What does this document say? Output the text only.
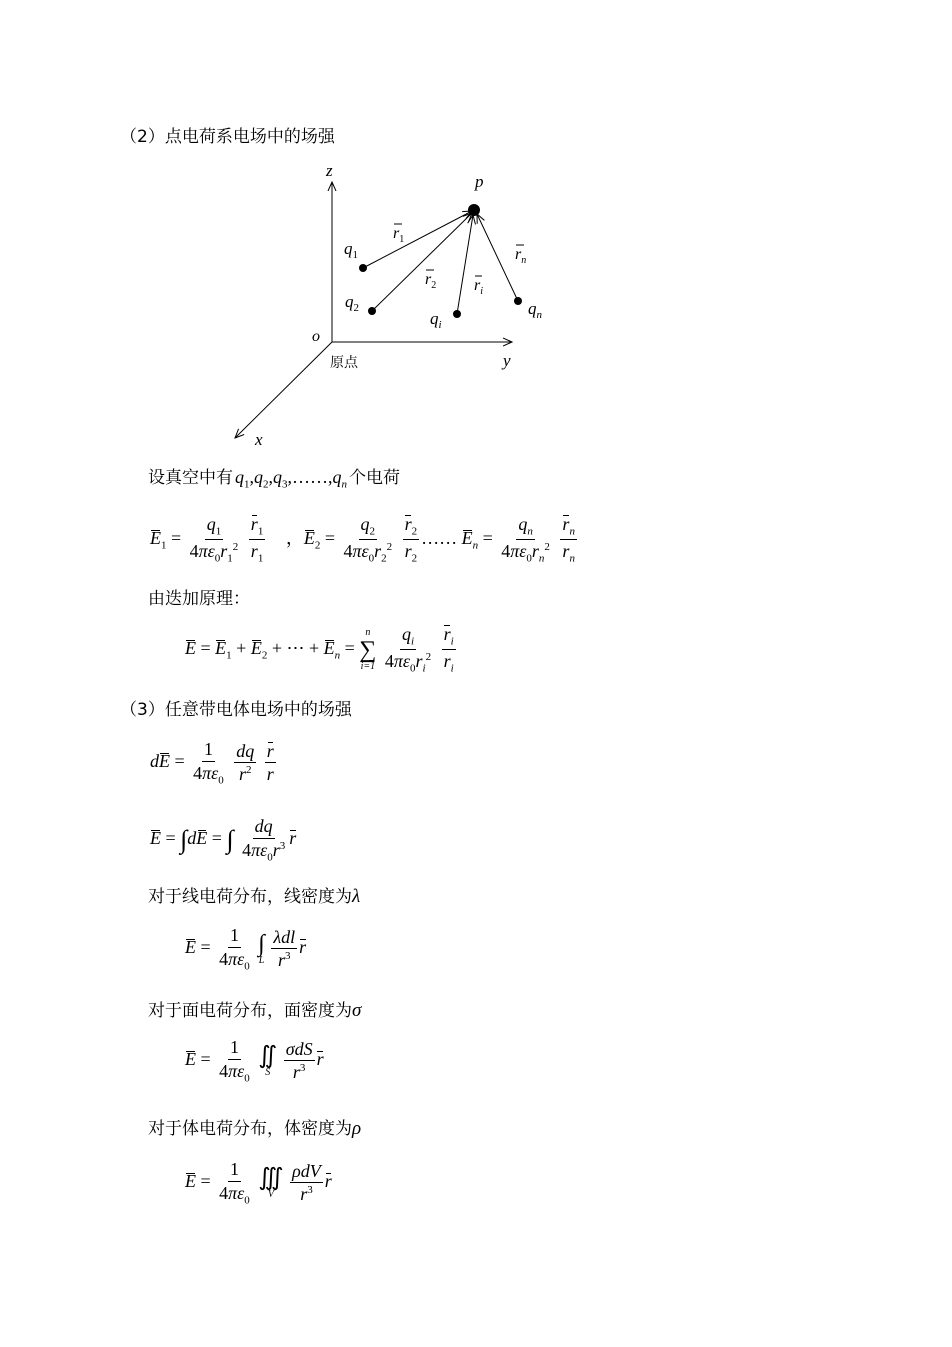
（2）点电荷系电场中的场强
z
y
x
o
原点
p
$q_1$
$q_2$
$q_i$
$q_n$
$r_1$
$r_2$ $r_i$
$r_n$
设真空中有 $q_1,q_2,q_3,\dots\dots,q_n$ 个电荷
$E_1 = \frac{q_1}{4\pi\varepsilon_0r_1^2}$
$\frac{r_1}{r_1}$ ，$E_2 = \frac{q_2}{4\pi\varepsilon_0r_2^2}$
$\frac{r_2}{r_2}$ …… $E_n = \frac{q_n}{4\pi\varepsilon_0r_n^2}$
$\frac{r_n}{r_n}$
由迭加原理：
$E = E_1 + E_2$ + ⋯ + $E_n$ =
n
∑
i=1
$\frac{q_i}{4\pi\varepsilon_0r_i^2}$
$\frac{r_i}{r_i}$
（3）任意带电体电场中的场强
dE = $\frac{1}{4\pi\varepsilon_0}$
$\frac{dq}{r^2}$
$\frac{r}{r}$
E = ∫dE = ∫ $\frac{dq}{4\pi\varepsilon_0r^3}$ r
对于线电荷分布，线密度为 λ
$E = \frac{1}{4\pi\varepsilon_0}$
∫
L
$\frac{\text{λdl}}{r^3}$ r
对于面电荷分布，面密度为 σ
$E = \frac{1}{4\pi\varepsilon_0}$
∬
S
$\frac{\text{σdS}}{r^3}$ r
对于体电荷分布，体密度为 ρ
$E = \frac{1}{4\pi\varepsilon_0}$
∭
V
$\frac{\text{ρdV}}{r^3}$ r
